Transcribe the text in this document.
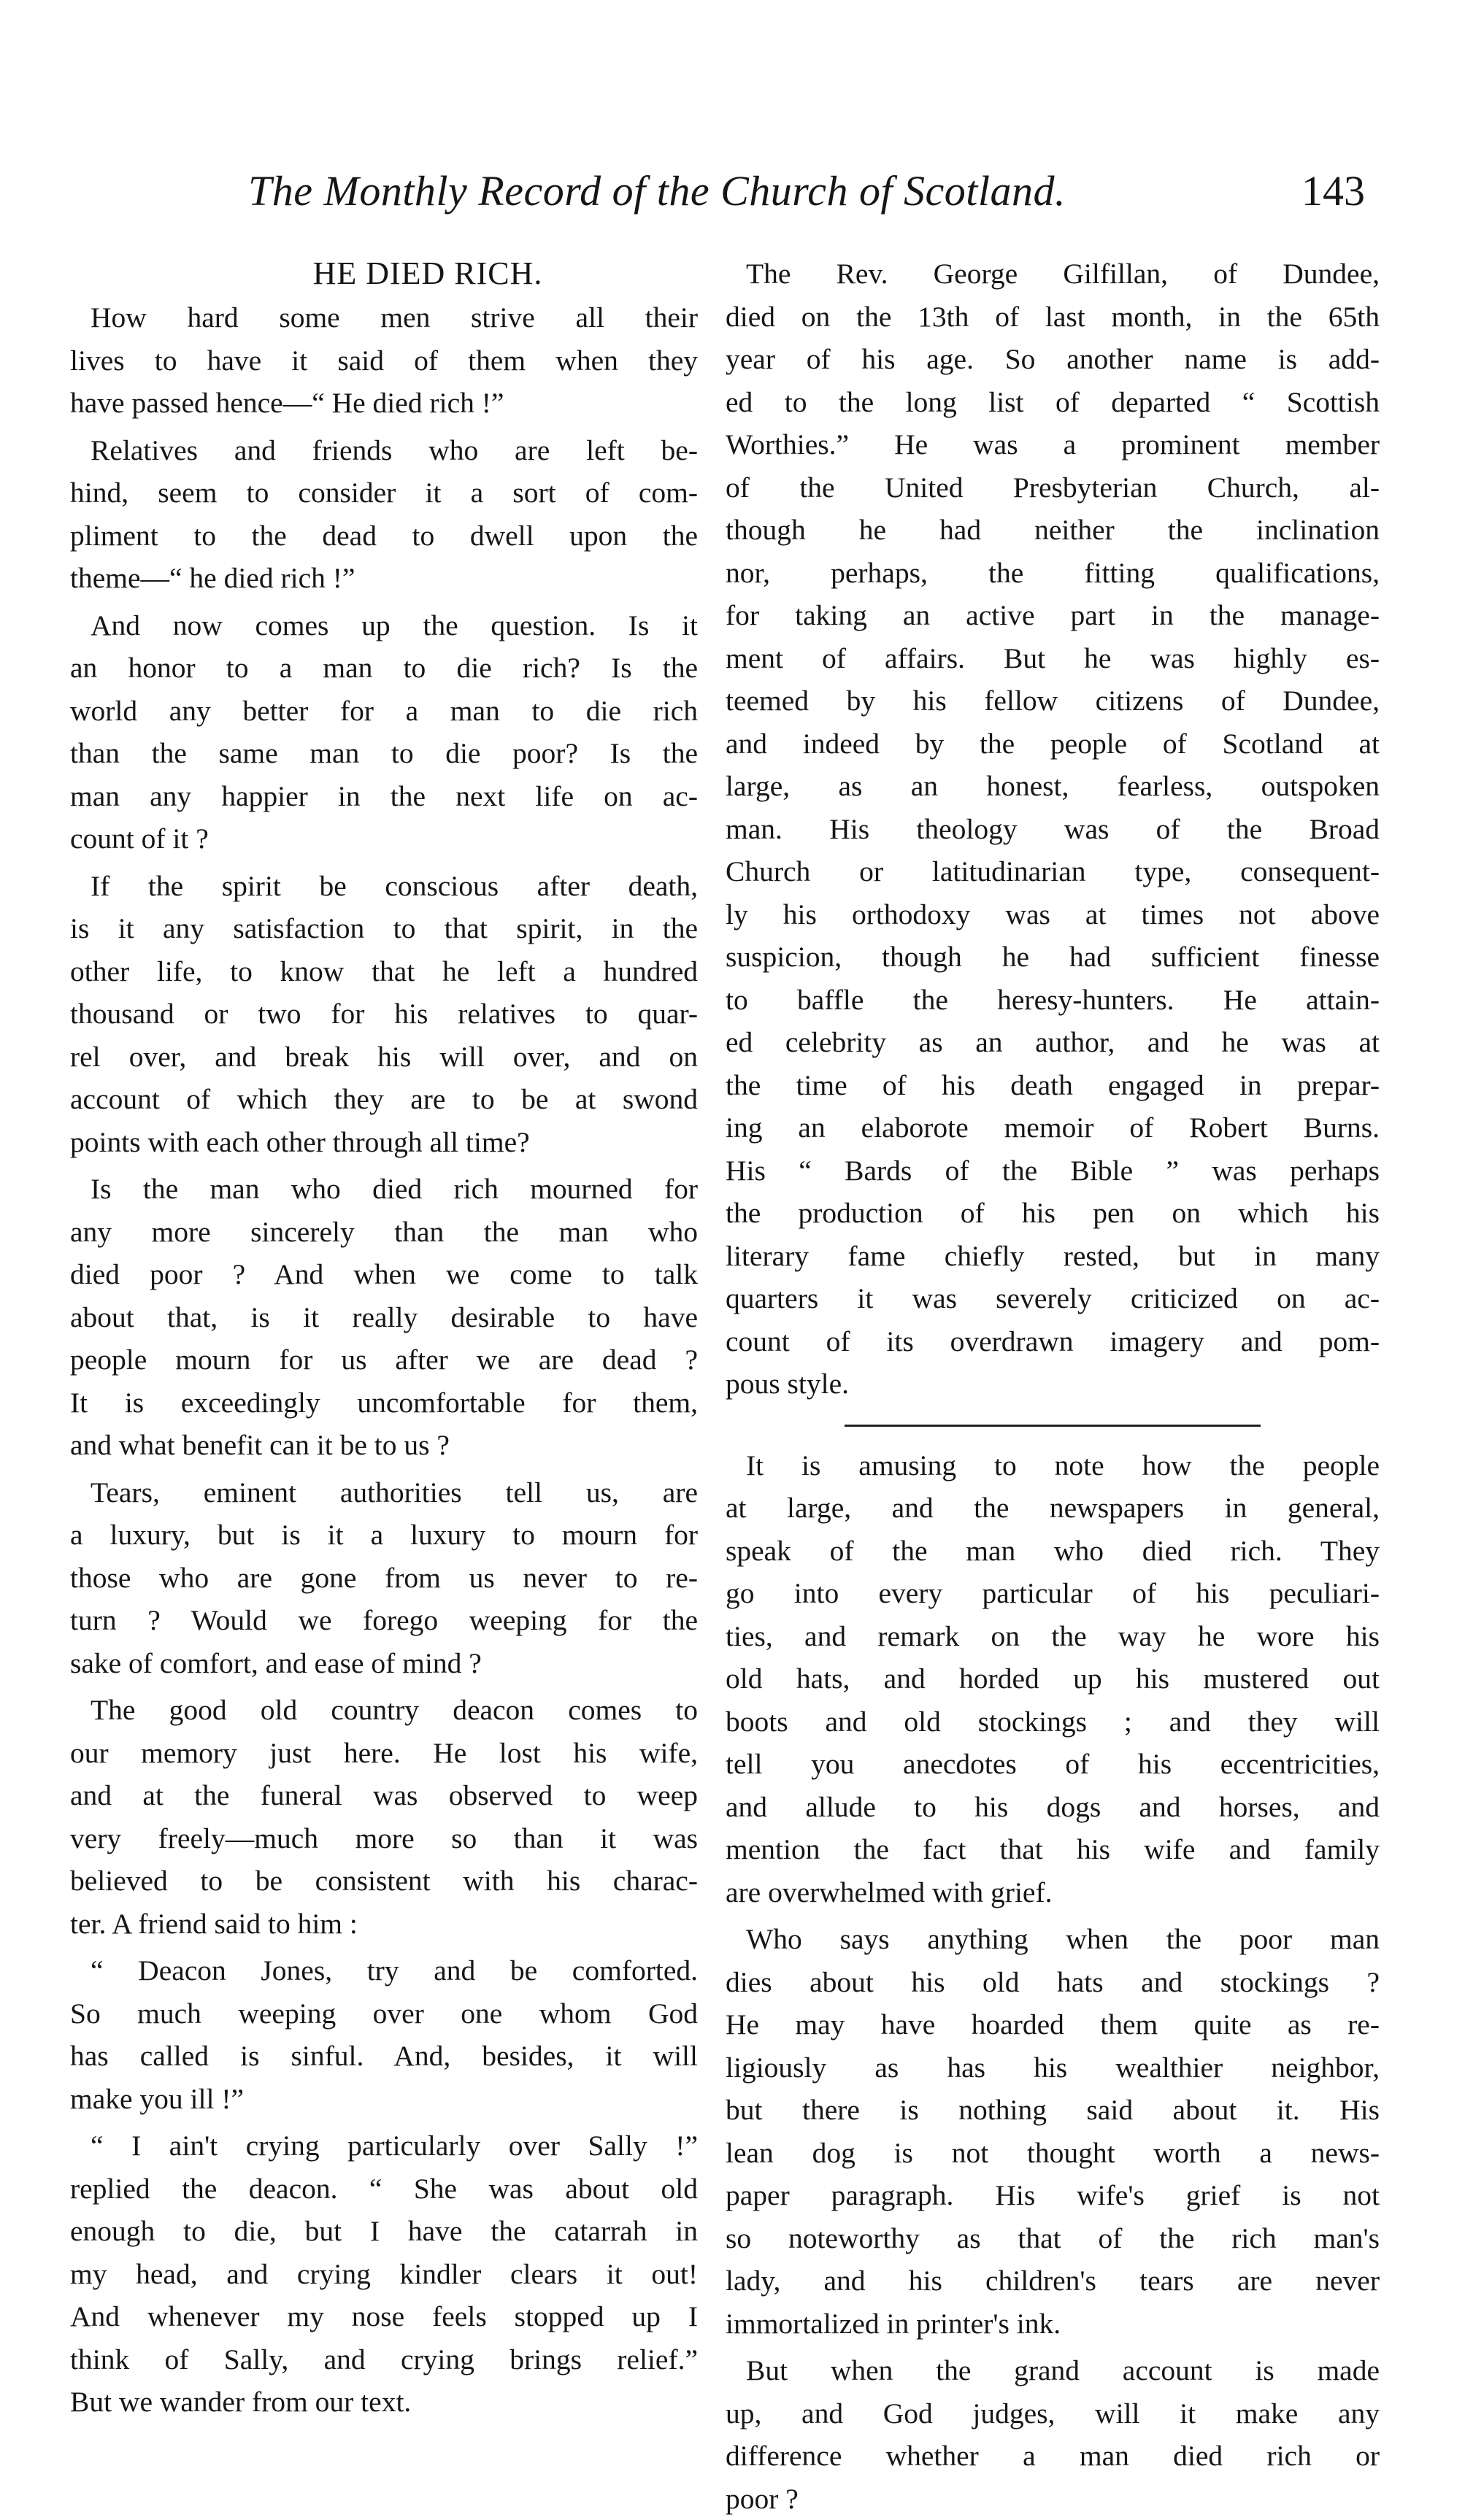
The Monthly Record of the Church of Scotland.	143
HE DIED RICH.
How hard some men strive all their
lives to have it said of them when they
have passed hence—“ He died rich !”
Relatives and friends who are left be-
hind, seem to consider it a sort of com-
pliment to the dead to dwell upon the
theme—“ he died rich !”
And now comes up the question. Is it
an honor to a man to die rich? Is the
world any better for a man to die rich
than the same man to die poor? Is the
man any happier in the next life on ac-
count of it ?
If the spirit be conscious after death,
is it any satisfaction to that spirit, in the
other life, to know that he left a hundred
thousand or two for his relatives to quar-
rel over, and break his will over, and on
account of which they are to be at swond
points with each other through all time?
Is the man who died rich mourned for
any more sincerely than the man who
died poor ? And when we come to talk
about that, is it really desirable to have
people mourn for us after we are dead ?
It is exceedingly uncomfortable for them,
and what benefit can it be to us ?
Tears, eminent authorities tell us, are
a luxury, but is it a luxury to mourn for
those who are gone from us never to re-
turn ? Would we forego weeping for the
sake of comfort, and ease of mind ?
The good old country deacon comes to
our memory just here. He lost his wife,
and at the funeral was observed to weep
very freely—much more so than it was
believed to be consistent with his charac-
ter. A friend said to him :
“ Deacon Jones, try and be comforted.
So much weeping over one whom God
has called is sinful. And, besides, it will
make you ill !”
“ I ain't crying particularly over Sally !”
replied the deacon. “ She was about old
enough to die, but I have the catarrah in
my head, and crying kindler clears it out!
And whenever my nose feels stopped up I
think of Sally, and crying brings relief.”
But we wander from our text.
The Rev. George Gilfillan, of Dundee,
died on the 13th of last month, in the 65th
year of his age. So another name is add-
ed to the long list of departed “ Scottish
Worthies.” He was a prominent member
of the United Presbyterian Church, al-
though he had neither the inclination
nor, perhaps, the fitting qualifications,
for taking an active part in the manage-
ment of affairs. But he was highly es-
teemed by his fellow citizens of Dundee,
and indeed by the people of Scotland at
large, as an honest, fearless, outspoken
man. His theology was of the Broad
Church or latitudinarian type, consequent-
ly his orthodoxy was at times not above
suspicion, though he had sufficient finesse
to baffle the heresy-hunters. He attain-
ed celebrity as an author, and he was at
the time of his death engaged in prepar-
ing an elaborote memoir of Robert Burns.
His “ Bards of the Bible ” was perhaps
the production of his pen on which his
literary fame chiefly rested, but in many
quarters it was severely criticized on ac-
count of its overdrawn imagery and pom-
pous style.
It is amusing to note how the people
at large, and the newspapers in general,
speak of the man who died rich. They
go into every particular of his peculiari-
ties, and remark on the way he wore his
old hats, and horded up his mustered out
boots and old stockings ; and they will
tell you anecdotes of his eccentricities,
and allude to his dogs and horses, and
mention the fact that his wife and family
are overwhelmed with grief.
Who says anything when the poor man
dies about his old hats and stockings ?
He may have hoarded them quite as re-
ligiously as has his wealthier neighbor,
but there is nothing said about it. His
lean dog is not thought worth a news-
paper paragraph. His wife's grief is not
so noteworthy as that of the rich man's
lady, and his children's tears are never
immortalized in printer's ink.
But when the grand account is made
up, and God judges, will it make any
difference whether a man died rich or
poor ?
